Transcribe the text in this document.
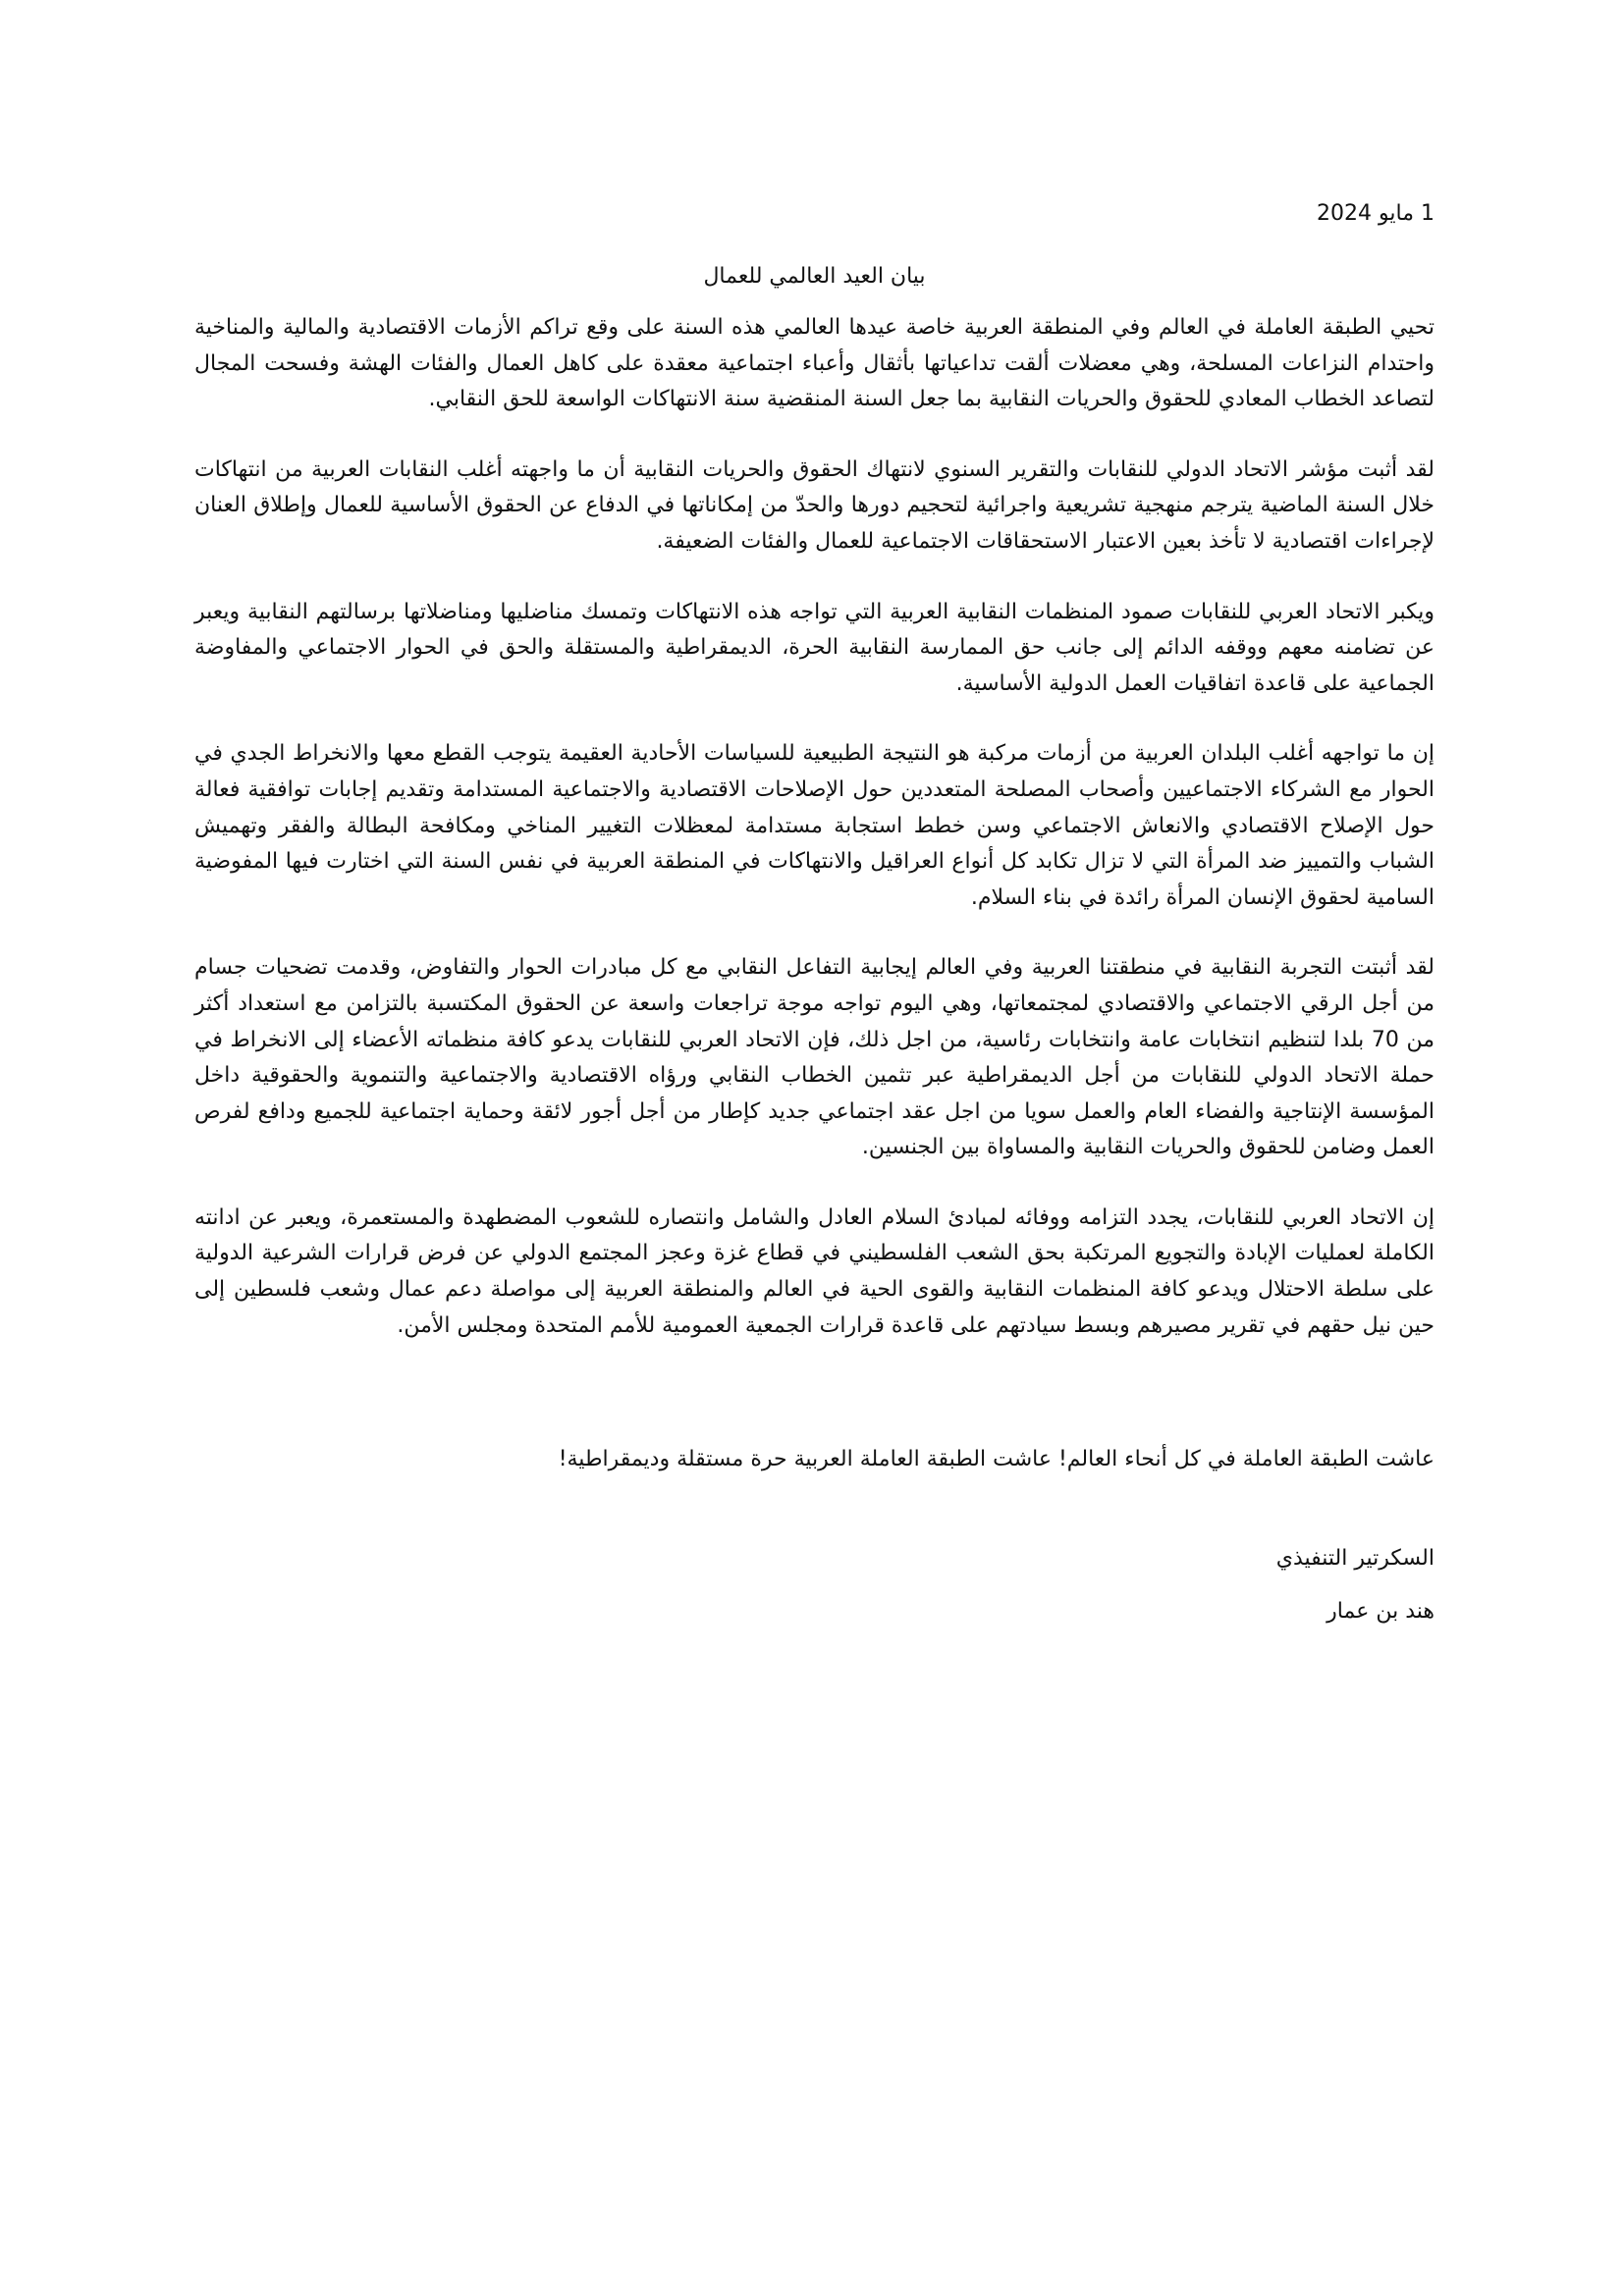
1 مايو 2024

بيان العيد العالمي للعمال

تحيي الطبقة العاملة في العالم وفي المنطقة العربية خاصة عيدها العالمي هذه السنة على وقع تراكم الأزمات الاقتصادية والمالية والمناخية واحتدام النزاعات المسلحة، وهي معضلات ألقت تداعياتها بأثقال وأعباء اجتماعية معقدة على كاهل العمال والفئات الهشة وفسحت المجال لتصاعد الخطاب المعادي للحقوق والحريات النقابية بما جعل السنة المنقضية سنة الانتهاكات الواسعة للحق النقابي.

لقد أثبت مؤشر الاتحاد الدولي للنقابات والتقرير السنوي لانتهاك الحقوق والحريات النقابية أن ما واجهته أغلب النقابات العربية من انتهاكات خلال السنة الماضية يترجم منهجية تشريعية واجرائية لتحجيم دورها والحدّ من إمكاناتها في الدفاع عن الحقوق الأساسية للعمال وإطلاق العنان لإجراءات اقتصادية لا تأخذ بعين الاعتبار الاستحقاقات الاجتماعية للعمال والفئات الضعيفة.

ويكبر الاتحاد العربي للنقابات صمود المنظمات النقابية العربية التي تواجه هذه الانتهاكات وتمسك مناضليها ومناضلاتها برسالتهم النقابية ويعبر عن تضامنه معهم ووقفه الدائم إلى جانب حق الممارسة النقابية الحرة، الديمقراطية والمستقلة والحق في الحوار الاجتماعي والمفاوضة الجماعية على قاعدة اتفاقيات العمل الدولية الأساسية.

إن ما تواجهه أغلب البلدان العربية من أزمات مركبة هو النتيجة الطبيعية للسياسات الأحادية العقيمة يتوجب القطع معها والانخراط الجدي في الحوار مع الشركاء الاجتماعيين وأصحاب المصلحة المتعددين حول الإصلاحات الاقتصادية والاجتماعية المستدامة وتقديم إجابات توافقية فعالة حول الإصلاح الاقتصادي والانعاش الاجتماعي وسن خطط استجابة مستدامة لمعظلات التغيير المناخي ومكافحة البطالة والفقر وتهميش الشباب والتمييز ضد المرأة التي لا تزال تكابد كل أنواع العراقيل والانتهاكات في المنطقة العربية في نفس السنة التي اختارت فيها المفوضية السامية لحقوق الإنسان المرأة رائدة في بناء السلام.

لقد أثبتت التجربة النقابية في منطقتنا العربية وفي العالم إيجابية التفاعل النقابي مع كل مبادرات الحوار والتفاوض، وقدمت تضحيات جسام من أجل الرقي الاجتماعي والاقتصادي لمجتمعاتها، وهي اليوم تواجه موجة تراجعات واسعة عن الحقوق المكتسبة بالتزامن مع استعداد أكثر من 70 بلدا لتنظيم انتخابات عامة وانتخابات رئاسية، من اجل ذلك، فإن الاتحاد العربي للنقابات يدعو كافة منظماته الأعضاء إلى الانخراط في حملة الاتحاد الدولي للنقابات من أجل الديمقراطية عبر تثمين الخطاب النقابي ورؤاه الاقتصادية والاجتماعية والتنموية والحقوقية داخل المؤسسة الإنتاجية والفضاء العام والعمل سويا من اجل عقد اجتماعي جديد كإطار من أجل أجور لائقة وحماية اجتماعية للجميع ودافع لفرص العمل وضامن للحقوق والحريات النقابية والمساواة بين الجنسين.

إن الاتحاد العربي للنقابات، يجدد التزامه ووفائه لمبادئ السلام العادل والشامل وانتصاره للشعوب المضطهدة والمستعمرة، ويعبر عن ادانته الكاملة لعمليات الإبادة والتجويع المرتكبة بحق الشعب الفلسطيني في قطاع غزة وعجز المجتمع الدولي عن فرض قرارات الشرعية الدولية على سلطة الاحتلال ويدعو كافة المنظمات النقابية والقوى الحية في العالم والمنطقة العربية إلى مواصلة دعم عمال وشعب فلسطين إلى حين نيل حقهم في تقرير مصيرهم وبسط سيادتهم على قاعدة قرارات الجمعية العمومية للأمم المتحدة ومجلس الأمن.

عاشت الطبقة العاملة في كل أنحاء العالم! عاشت الطبقة العاملة العربية حرة مستقلة وديمقراطية!

السكرتير التنفيذي

هند بن عمار
